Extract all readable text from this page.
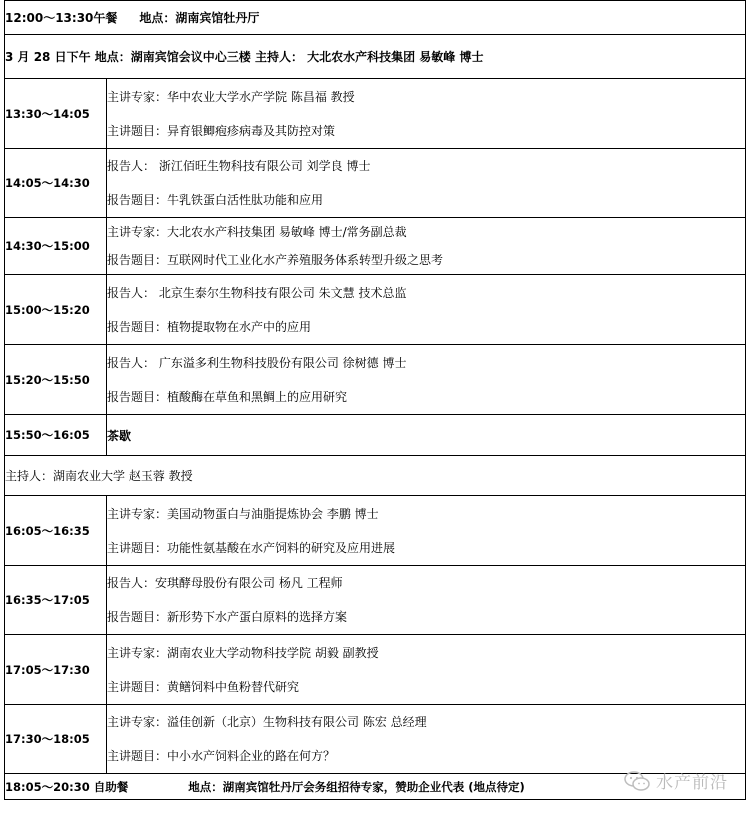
12:00～13:30午餐 地点：湖南宾馆牡丹厅	
3 月 28 日下午 地点：湖南宾馆会议中心三楼 主持人： 大北农水产科技集团 易敏峰 博士	
13:30～14:05	主讲专家：华中农业大学水产学院 陈昌福 教授
主讲题目：异育银鲫疱疹病毒及其防控对策

14:05～14:30	报告人： 浙江佰旺生物科技有限公司 刘学良 博士
报告题目：牛乳铁蛋白活性肽功能和应用

14:30～15:00	主讲专家：大北农水产科技集团 易敏峰 博士/常务副总裁
报告题目：互联网时代工业化水产养殖服务体系转型升级之思考

15:00～15:20	报告人： 北京生泰尔生物科技有限公司 朱文慧 技术总监
报告题目：植物提取物在水产中的应用

15:20～15:50	报告人： 广东溢多利生物科技股份有限公司 徐树德 博士
报告题目：植酸酶在草鱼和黑鲷上的应用研究

15:50～16:05	茶歇
主持人：湖南农业大学 赵玉蓉 教授	
16:05～16:35	主讲专家：美国动物蛋白与油脂提炼协会 李鹏 博士
主讲题目：功能性氨基酸在水产饲料的研究及应用进展

16:35～17:05	报告人：安琪酵母股份有限公司 杨凡 工程师
报告题目：新形势下水产蛋白原料的选择方案

17:05～17:30	主讲专家：湖南农业大学动物科技学院 胡毅 副教授
主讲题目：黄鳝饲料中鱼粉替代研究

17:30～18:05	主讲专家：溢佳创新（北京）生物科技有限公司 陈宏 总经理
主讲题目：中小水产饲料企业的路在何方？

18:05～20:30 自助餐 地点：湖南宾馆牡丹厅会务组招待专家，赞助企业代表 (地点待定)		水产前沿
